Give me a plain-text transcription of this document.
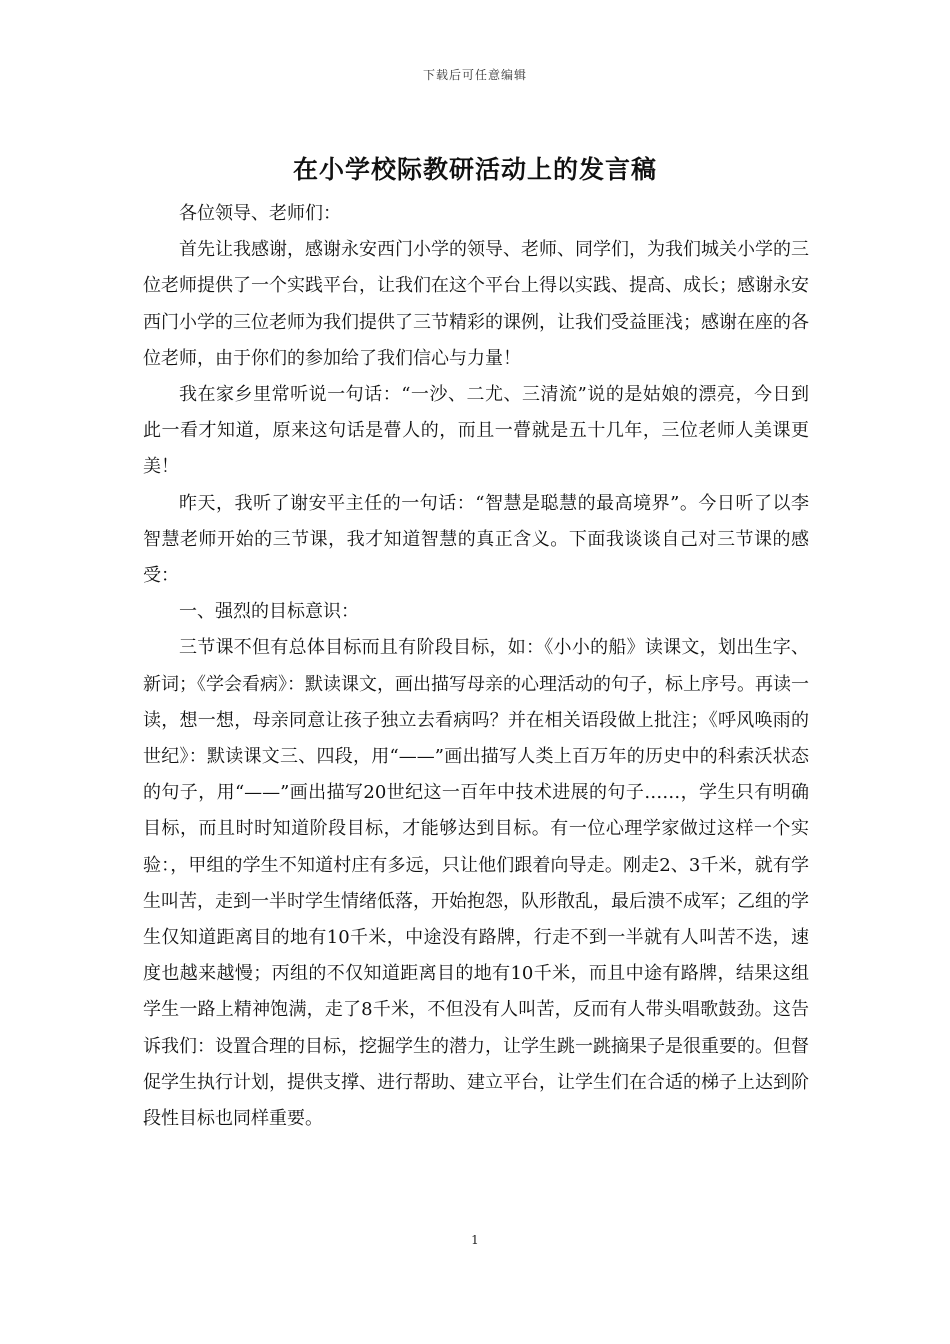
下载后可任意编辑
在小学校际教研活动上的发言稿

各位领导、老师们：

首先让我感谢，感谢永安西门小学的领导、老师、同学们，为我们城关小学的三位老师提供了一个实践平台，让我们在这个平台上得以实践、提高、成长；感谢永安西门小学的三位老师为我们提供了三节精彩的课例，让我们受益匪浅；感谢在座的各位老师，由于你们的参加给了我们信心与力量！

我在家乡里常听说一句话：“一沙、二尤、三清流”说的是姑娘的漂亮，今日到此一看才知道，原来这句话是瞢人的，而且一瞢就是五十几年，三位老师人美课更美！

昨天，我听了谢安平主任的一句话：“智慧是聪慧的最高境界”。今日听了以李智慧老师开始的三节课，我才知道智慧的真正含义。下面我谈谈自己对三节课的感受：

一、强烈的目标意识：

三节课不但有总体目标而且有阶段目标，如：《小小的船》读课文，划出生字、新词；《学会看病》：默读课文，画出描写母亲的心理活动的句子，标上序号。再读一读，想一想，母亲同意让孩子独立去看病吗？并在相关语段做上批注；《呼风唤雨的世纪》：默读课文三、四段，用“——”画出描写人类上百万年的历史中的科索沃状态的句子，用“——”画出描写20世纪这一百年中技术进展的句子……，学生只有明确目标，而且时时知道阶段目标，才能够达到目标。有一位心理学家做过这样一个实验：，甲组的学生不知道村庄有多远，只让他们跟着向导走。刚走2、3千米，就有学生叫苦，走到一半时学生情绪低落，开始抱怨，队形散乱，最后溃不成军；乙组的学生仅知道距离目的地有10千米，中途没有路牌，行走不到一半就有人叫苦不迭，速度也越来越慢；丙组的不仅知道距离目的地有10千米，而且中途有路牌，结果这组学生一路上精神饱满，走了8千米，不但没有人叫苦，反而有人带头唱歌鼓劲。这告诉我们：设置合理的目标，挖掘学生的潜力，让学生跳一跳摘果子是很重要的。但督促学生执行计划，提供支撑、进行帮助、建立平台，让学生们在合适的梯子上达到阶段性目标也同样重要。

1
